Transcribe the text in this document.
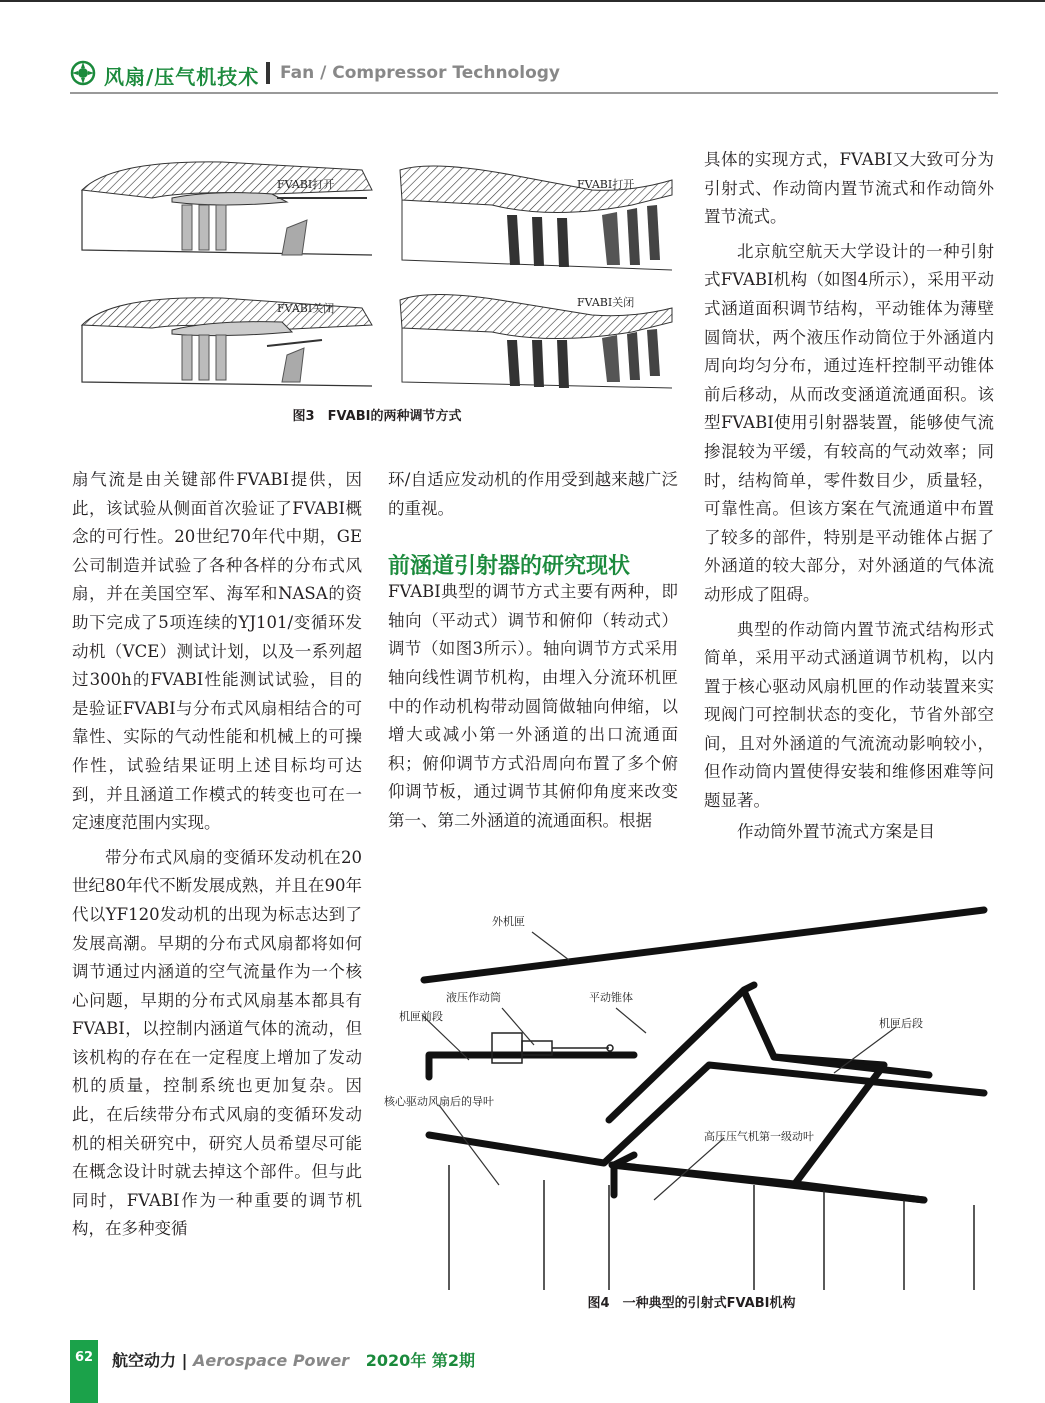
风扇/压气机技术 Fan / Compressor Technology
FVABI打开	FVABI打开
FVABI关闭	FVABI关闭
图3　FVABI的两种调节方式

扇气流是由关键部件FVABI提供，因此，该试验从侧面首次验证了FVABI概念的可行性。20世纪70年代中期，GE公司制造并试验了各种各样的分布式风扇，并在美国空军、海军和NASA的资助下完成了5项连续的YJ101/变循环发动机（VCE）测试计划，以及一系列超过300h的FVABI性能测试试验，目的是验证FVABI与分布式风扇相结合的可靠性、实际的气动性能和机械上的可操作性，试验结果证明上述目标均可达到，并且涵道工作模式的转变也可在一定速度范围内实现。

带分布式风扇的变循环发动机在20世纪80年代不断发展成熟，并且在90年代以YF120发动机的出现为标志达到了发展高潮。早期的分布式风扇都将如何调节通过内涵道的空气流量作为一个核心问题，早期的分布式风扇基本都具有FVABI，以控制内涵道气体的流动，但该机构的存在在一定程度上增加了发动机的质量，控制系统也更加复杂。因此，在后续带分布式风扇的变循环发动机的相关研究中，研究人员希望尽可能在概念设计时就去掉这个部件。但与此同时，FVABI作为一种重要的调节机构，在多种变循

环/自适应发动机的作用受到越来越广泛的重视。

前涵道引射器的研究现状

FVABI典型的调节方式主要有两种，即轴向（平动式）调节和俯仰（转动式）调节（如图3所示）。轴向调节方式采用轴向线性调节机构，由埋入分流环机匣中的作动机构带动圆筒做轴向伸缩，以增大或减小第一外涵道的出口流通面积；俯仰调节方式沿周向布置了多个俯仰调节板，通过调节其俯仰角度来改变第一、第二外涵道的流通面积。根据

具体的实现方式，FVABI又大致可分为引射式、作动筒内置节流式和作动筒外置节流式。

北京航空航天大学设计的一种引射式FVABI机构（如图4所示），采用平动式涵道面积调节结构，平动锥体为薄壁圆筒状，两个液压作动筒位于外涵道内周向均匀分布，通过连杆控制平动锥体前后移动，从而改变涵道流通面积。该型FVABI使用引射器装置，能够使气流掺混较为平缓，有较高的气动效率；同时，结构简单，零件数目少，质量轻，可靠性高。但该方案在气流通道中布置了较多的部件，特别是平动锥体占据了外涵道的较大部分，对外涵道的气体流动形成了阻碍。

典型的作动筒内置节流式结构形式简单，采用平动式涵道调节机构，以内置于核心驱动风扇机匣的作动装置来实现阀门可控制状态的变化，节省外部空间，且对外涵道的气流流动影响较小，但作动筒内置使得安装和维修困难等问题显著。

作动筒外置节流式方案是目

外机匣
液压作动筒	平动锥体
机匣前段
机匣后段
核心驱动风扇后的导叶
高压压气机第一级动叶
图4　一种典型的引射式FVABI机构
62	航空动力 | Aerospace Power 2020年 第2期
